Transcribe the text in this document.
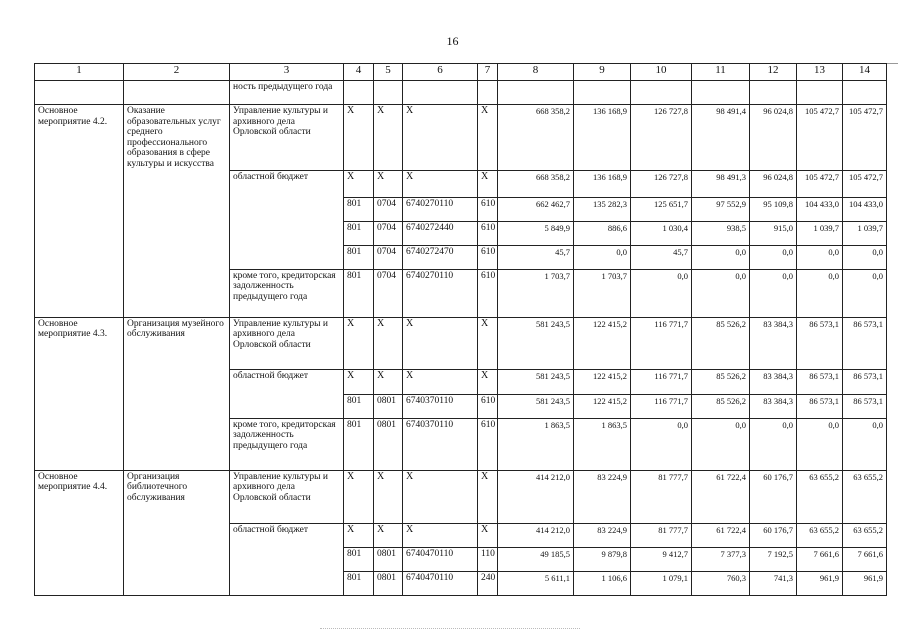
16
1	2	3	4	5	6	7	8	9	10	11	12	13	14
		ность предыдущего года											
Основное мероприятие 4.2.	Оказание образовательных услуг среднего профессионального образования в сфере культуры и искусства	Управление культуры и архивного дела Орловской области	Х	Х	Х	Х	668 358,2	136 168,9	126 727,8	98 491,4	96 024,8	105 472,7	105 472,7
		областной бюджет	Х	Х	Х	Х	668 358,2	136 168,9	126 727,8	98 491,3	96 024,8	105 472,7	105 472,7
			801	0704	6740270110	610	662 462,7	135 282,3	125 651,7	97 552,9	95 109,8	104 433,0	104 433,0
			801	0704	6740272440	610	5 849,9	886,6	1 030,4	938,5	915,0	1 039,7	1 039,7
			801	0704	6740272470	610	45,7	0,0	45,7	0,0	0,0	0,0	0,0
		кроме того, кредиторская задолженность предыдущего года	801	0704	6740270110	610	1 703,7	1 703,7	0,0	0,0	0,0	0,0	0,0
Основное мероприятие 4.3.	Организация музейного обслуживания	Управление культуры и архивного дела Орловской области	Х	Х	Х	Х	581 243,5	122 415,2	116 771,7	85 526,2	83 384,3	86 573,1	86 573,1
		областной бюджет	Х	Х	Х	Х	581 243,5	122 415,2	116 771,7	85 526,2	83 384,3	86 573,1	86 573,1
			801	0801	6740370110	610	581 243,5	122 415,2	116 771,7	85 526,2	83 384,3	86 573,1	86 573,1
		кроме того, кредиторская задолженность предыдущего года	801	0801	6740370110	610	1 863,5	1 863,5	0,0	0,0	0,0	0,0	0,0
Основное мероприятие 4.4.	Организация библиотечного обслуживания	Управление культуры и архивного дела Орловской области	Х	Х	Х	Х	414 212,0	83 224,9	81 777,7	61 722,4	60 176,7	63 655,2	63 655,2
		областной бюджет	Х	Х	Х	Х	414 212,0	83 224,9	81 777,7	61 722,4	60 176,7	63 655,2	63 655,2
			801	0801	6740470110	110	49 185,5	9 879,8	9 412,7	7 377,3	7 192,5	7 661,6	7 661,6
			801	0801	6740470110	240	5 611,1	1 106,6	1 079,1	760,3	741,3	961,9	961,9
